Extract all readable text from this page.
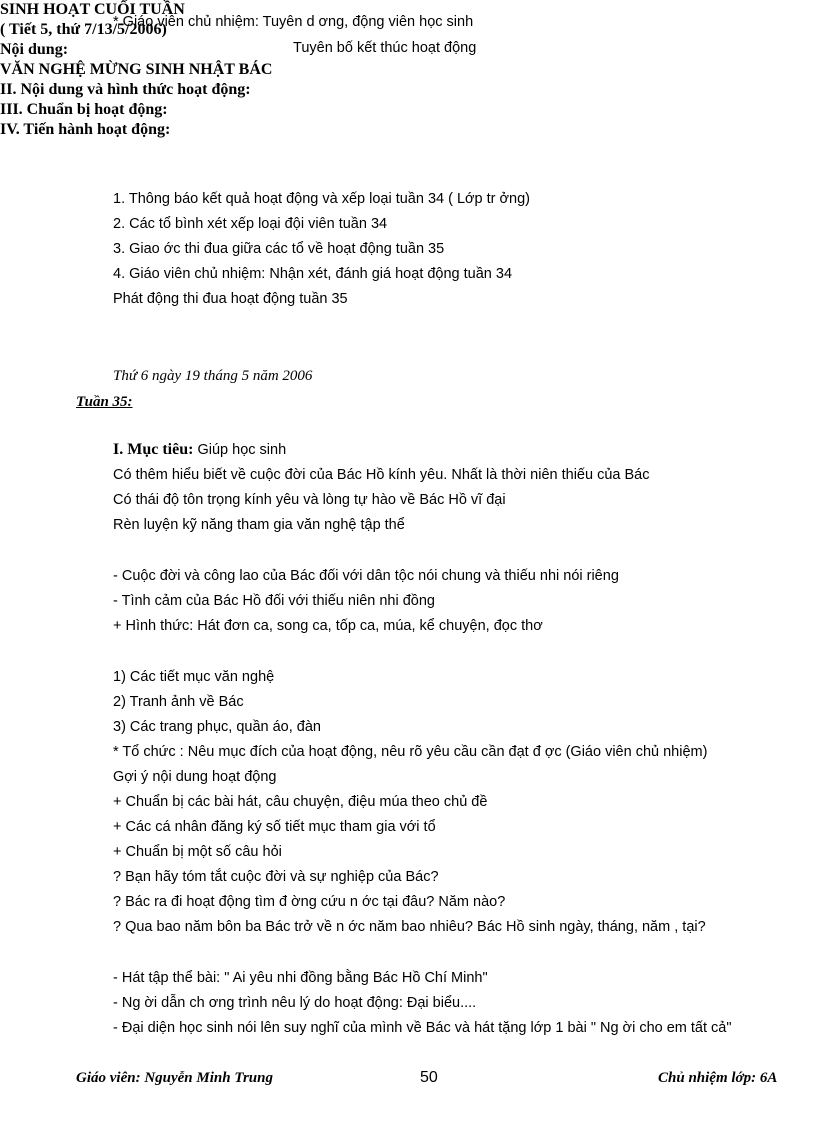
* Giáo viên chủ nhiệm: Tuyên d ơng, động viên học sinh
Tuyên bố kết thúc hoạt động
SINH HOẠT CUỐI TUẦN
( Tiết 5, thứ 7/13/5/2006)
Nội dung:
1. Thông báo kết quả hoạt động và xếp loại tuần 34 ( Lớp tr ởng)
2. Các tổ bình xét xếp loại đội viên tuần 34
3. Giao ớc thi đua giữa các tổ về hoạt động tuần 35
4. Giáo viên chủ nhiệm: Nhận xét, đánh giá hoạt động tuần 34
Phát động thi đua hoạt động tuần 35
Thứ 6 ngày 19 tháng 5 năm 2006
Tuần 35:
VĂN NGHỆ MỪNG SINH NHẬT BÁC
I. Mục tiêu: Giúp học sinh
Có thêm hiểu biết về cuộc đời của Bác Hồ kính yêu. Nhất là thời niên thiếu của Bác
Có thái độ tôn trọng kính yêu và lòng tự hào về Bác Hồ vĩ đại
Rèn luyện kỹ năng tham gia văn nghệ tập thể
II. Nội dung và hình thức hoạt động:
- Cuộc đời và công lao của Bác đối với dân tộc nói chung và thiếu nhi nói riêng
- Tình cảm của Bác Hồ đối với thiếu niên nhi đồng
+ Hình thức: Hát đơn ca, song ca, tốp ca, múa, kể chuyện, đọc thơ
III. Chuẩn bị hoạt động:
1) Các tiết mục văn nghệ
2) Tranh ảnh về Bác
3) Các trang phục, quần áo, đàn
* Tổ chức : Nêu mục đích của hoạt động, nêu rõ yêu cầu cần đạt đ ợc (Giáo viên chủ nhiệm)
Gợi ý nội dung hoạt động
+ Chuẩn bị các bài hát, câu chuyện, điệu múa theo chủ đề
+ Các cá nhân đăng ký số tiết mục tham gia với tổ
+ Chuẩn bị một số câu hỏi
? Bạn hãy tóm tắt cuộc đời và sự nghiệp của Bác?
? Bác ra đi hoạt động tìm đ ờng cứu n ớc tại đâu? Năm nào?
? Qua bao năm bôn ba Bác trở về n ớc năm bao nhiêu? Bác Hồ sinh ngày, tháng, năm , tại?
IV. Tiến hành hoạt động:
- Hát tập thể bài: " Ai yêu nhi đồng bằng Bác Hồ Chí Minh"
- Ng ời dẫn ch ơng trình nêu lý do hoạt động: Đại biểu....
- Đại diện học sinh nói lên suy nghĩ của mình về Bác và hát tặng lớp 1 bài " Ng ời cho em tất cả"
Giáo viên: Nguyễn Minh Trung	50	Chủ nhiệm lớp: 6A
